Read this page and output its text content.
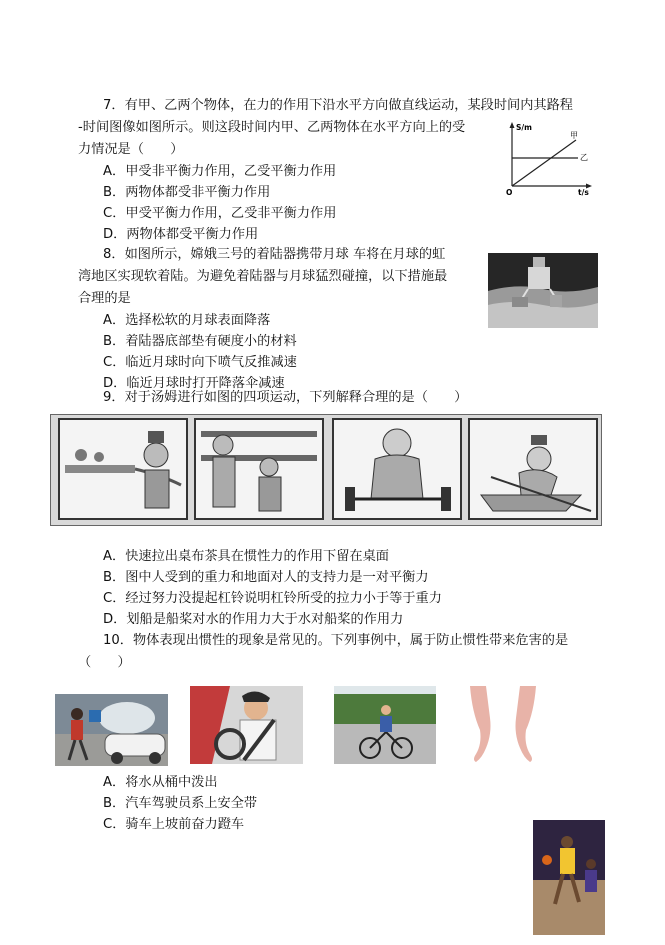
7．有甲、乙两个物体，在力的作用下沿水平方向做直线运动，某段时间内其路程
-时间图像如图所示。则这段时间内甲、乙两物体在水平方向上的受
力情况是（　　）
A．甲受非平衡力作用，乙受平衡力作用
B．两物体都受非平衡力作用
C．甲受平衡力作用，乙受非平衡力作用
D．两物体都受平衡力作用
S/m
t/s
O
甲
乙
8．如图所示，嫦娥三号的着陆器携带月球 车将在月球的虹
湾地区实现软着陆。为避免着陆器与月球猛烈碰撞，以下措施最
合理的是
A．选择松软的月球表面降落
B．着陆器底部垫有硬度小的材料
C．临近月球时向下喷气反推减速
D．临近月球时打开降落伞减速
9．对于汤姆进行如图的四项运动，下列解释合理的是（　　）
A．快速拉出桌布茶具在惯性力的作用下留在桌面
B．图中人受到的重力和地面对人的支持力是一对平衡力
C．经过努力没提起杠铃说明杠铃所受的拉力小于等于重力
D．划船是船桨对水的作用力大于水对船桨的作用力
10．物体表现出惯性的现象是常见的。下列事例中，属于防止惯性带来危害的是
（　　）
A．将水从桶中泼出
B．汽车驾驶员系上安全带
C．骑车上坡前奋力蹬车
